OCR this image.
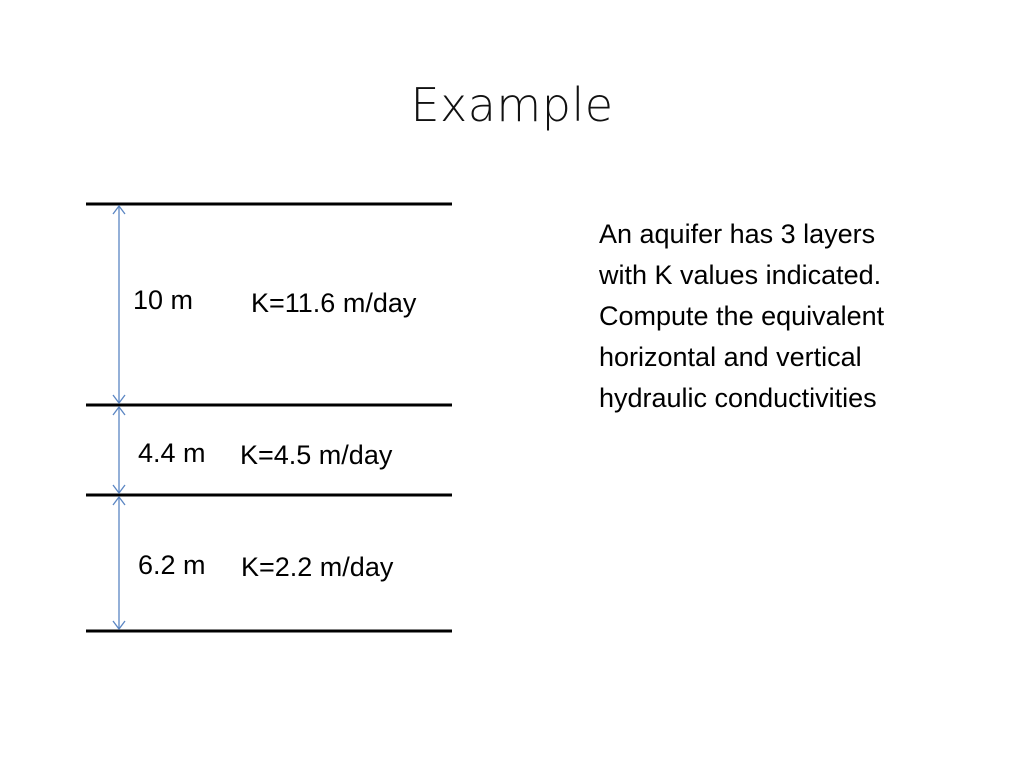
Example
10 m K=11.6 m/day
4.4 m K=4.5 m/day
6.2 m K=2.2 m/day
An aquifer has 3 layers
with K values indicated.
Compute the equivalent
horizontal and vertical
hydraulic conductivities
